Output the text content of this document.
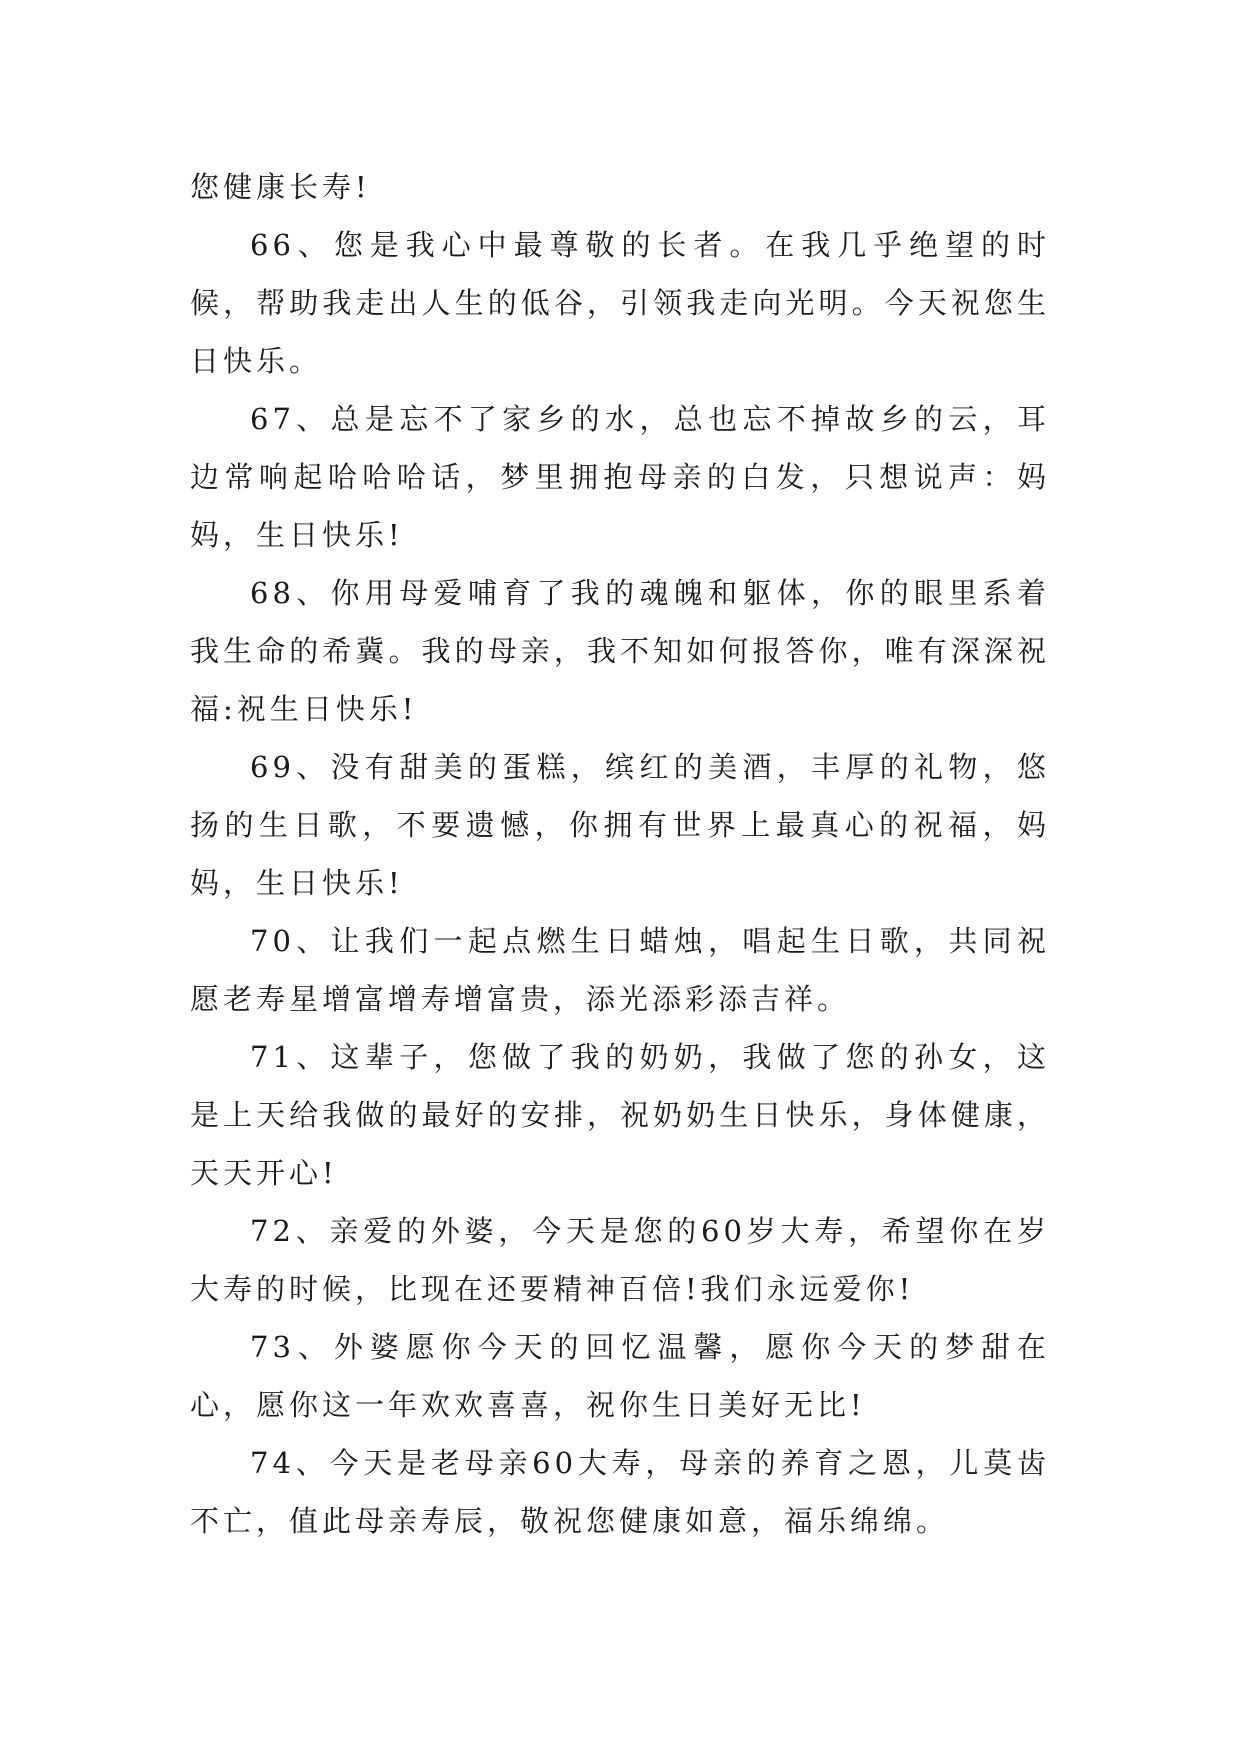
您健康长寿!

66、您是我心中最尊敬的长者。在我几乎绝望的时候，帮助我走出人生的低谷，引领我走向光明。今天祝您生日快乐。

67、总是忘不了家乡的水，总也忘不掉故乡的云，耳边常响起哈哈哈话，梦里拥抱母亲的白发，只想说声：妈妈，生日快乐!

68、你用母爱哺育了我的魂魄和躯体，你的眼里系着我生命的希冀。我的母亲，我不知如何报答你，唯有深深祝福:祝生日快乐!

69、没有甜美的蛋糕，缤红的美酒，丰厚的礼物，悠扬的生日歌，不要遗憾，你拥有世界上最真心的祝福，妈妈，生日快乐!

70、让我们一起点燃生日蜡烛，唱起生日歌，共同祝愿老寿星增富增寿增富贵，添光添彩添吉祥。

71、这辈子，您做了我的奶奶，我做了您的孙女，这是上天给我做的最好的安排，祝奶奶生日快乐，身体健康，天天开心!

72、亲爱的外婆，今天是您的60岁大寿，希望你在岁大寿的时候，比现在还要精神百倍!我们永远爱你!

73、外婆愿你今天的回忆温馨，愿你今天的梦甜在心，愿你这一年欢欢喜喜，祝你生日美好无比!

74、今天是老母亲60大寿，母亲的养育之恩，儿莫齿不亡，值此母亲寿辰，敬祝您健康如意，福乐绵绵。
